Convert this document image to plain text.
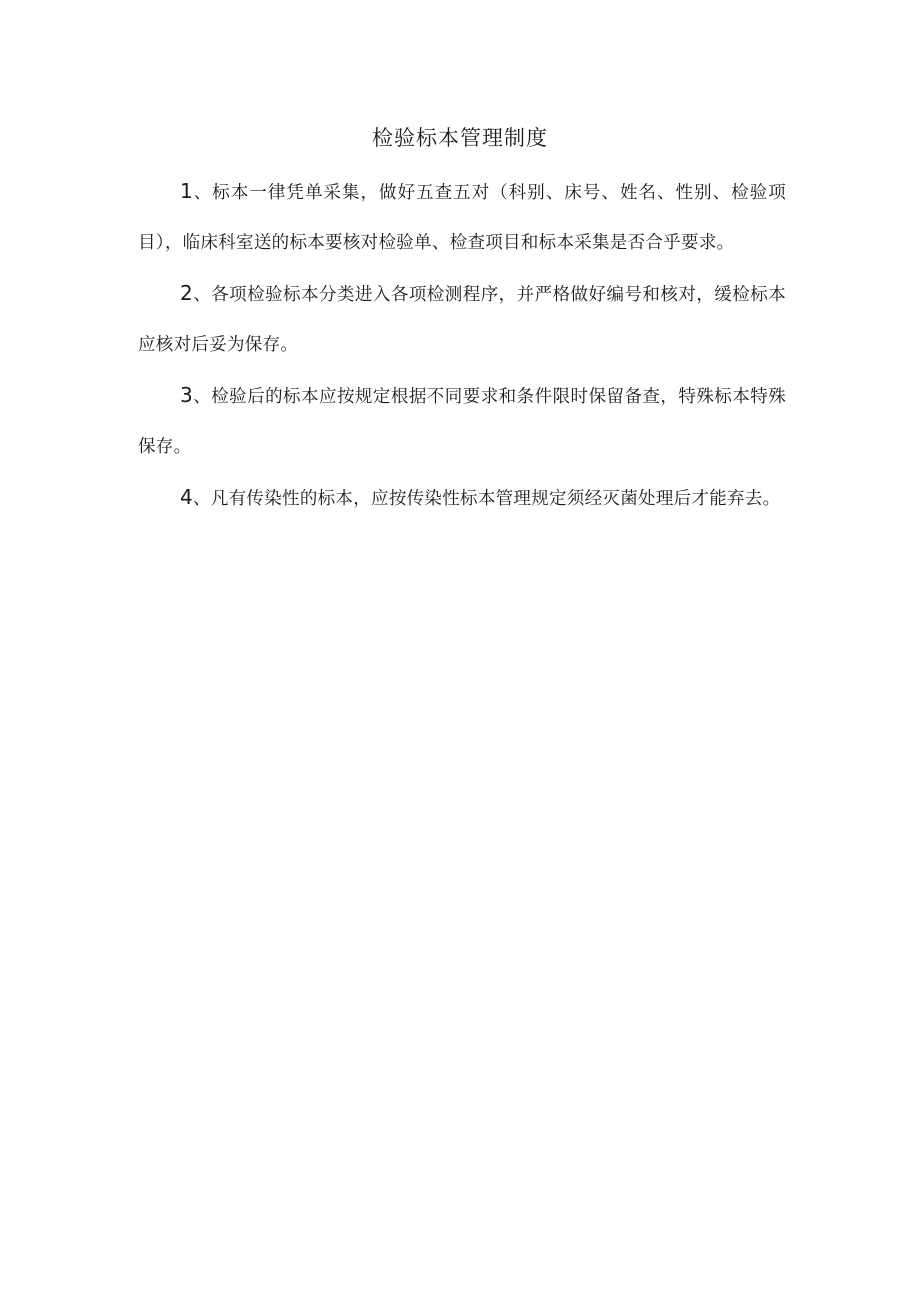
检验标本管理制度

1、标本一律凭单采集，做好五查五对（科别、床号、姓名、性别、检验项目），临床科室送的标本要核对检验单、检查项目和标本采集是否合乎要求。

2、各项检验标本分类进入各项检测程序，并严格做好编号和核对，缓检标本应核对后妥为保存。

3、检验后的标本应按规定根据不同要求和条件限时保留备查，特殊标本特殊保存。

4、凡有传染性的标本，应按传染性标本管理规定须经灭菌处理后才能弃去。
